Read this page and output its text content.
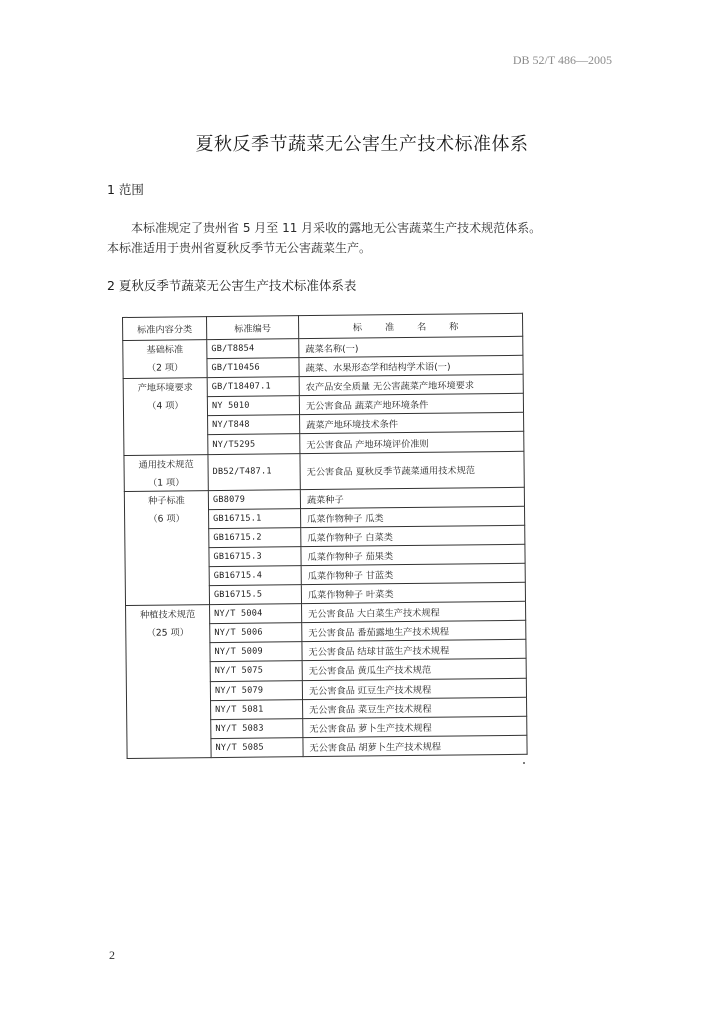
DB 52/T 486—2005
夏秋反季节蔬菜无公害生产技术标准体系
1 范围
本标准规定了贵州省 5 月至 11 月采收的露地无公害蔬菜生产技术规范体系。
本标准适用于贵州省夏秋反季节无公害蔬菜生产。
2 夏秋反季节蔬菜无公害生产技术标准体系表
标准内容分类	标准编号	标 准 名 称

基础标准
（2 项）	GB/T8854	蔬菜名称(一)
	GB/T10456	蔬菜、水果形态学和结构学术语(一)

产地环境要求
（4 项）	GB/T18407.1	农产品安全质量 无公害蔬菜产地环境要求
	NY 5010	无公害食品 蔬菜产地环境条件
	NY/T848	蔬菜产地环境技术条件
	NY/T5295	无公害食品 产地环境评价准则

通用技术规范
（1 项）	DB52/T487.1	无公害食品 夏秋反季节蔬菜通用技术规范

种子标准
（6 项）	GB8079	蔬菜种子
	GB16715.1	瓜菜作物种子 瓜类
	GB16715.2	瓜菜作物种子 白菜类
	GB16715.3	瓜菜作物种子 茄果类
	GB16715.4	瓜菜作物种子 甘蓝类
	GB16715.5	瓜菜作物种子 叶菜类

种植技术规范
（25 项）	NY/T 5004	无公害食品 大白菜生产技术规程
	NY/T 5006	无公害食品 番茄露地生产技术规程
	NY/T 5009	无公害食品 结球甘蓝生产技术规程
	NY/T 5075	无公害食品 黄瓜生产技术规范
	NY/T 5079	无公害食品 豇豆生产技术规程
	NY/T 5081	无公害食品 菜豆生产技术规程
	NY/T 5083	无公害食品 萝卜生产技术规程
	NY/T 5085	无公害食品 胡萝卜生产技术规程
2
